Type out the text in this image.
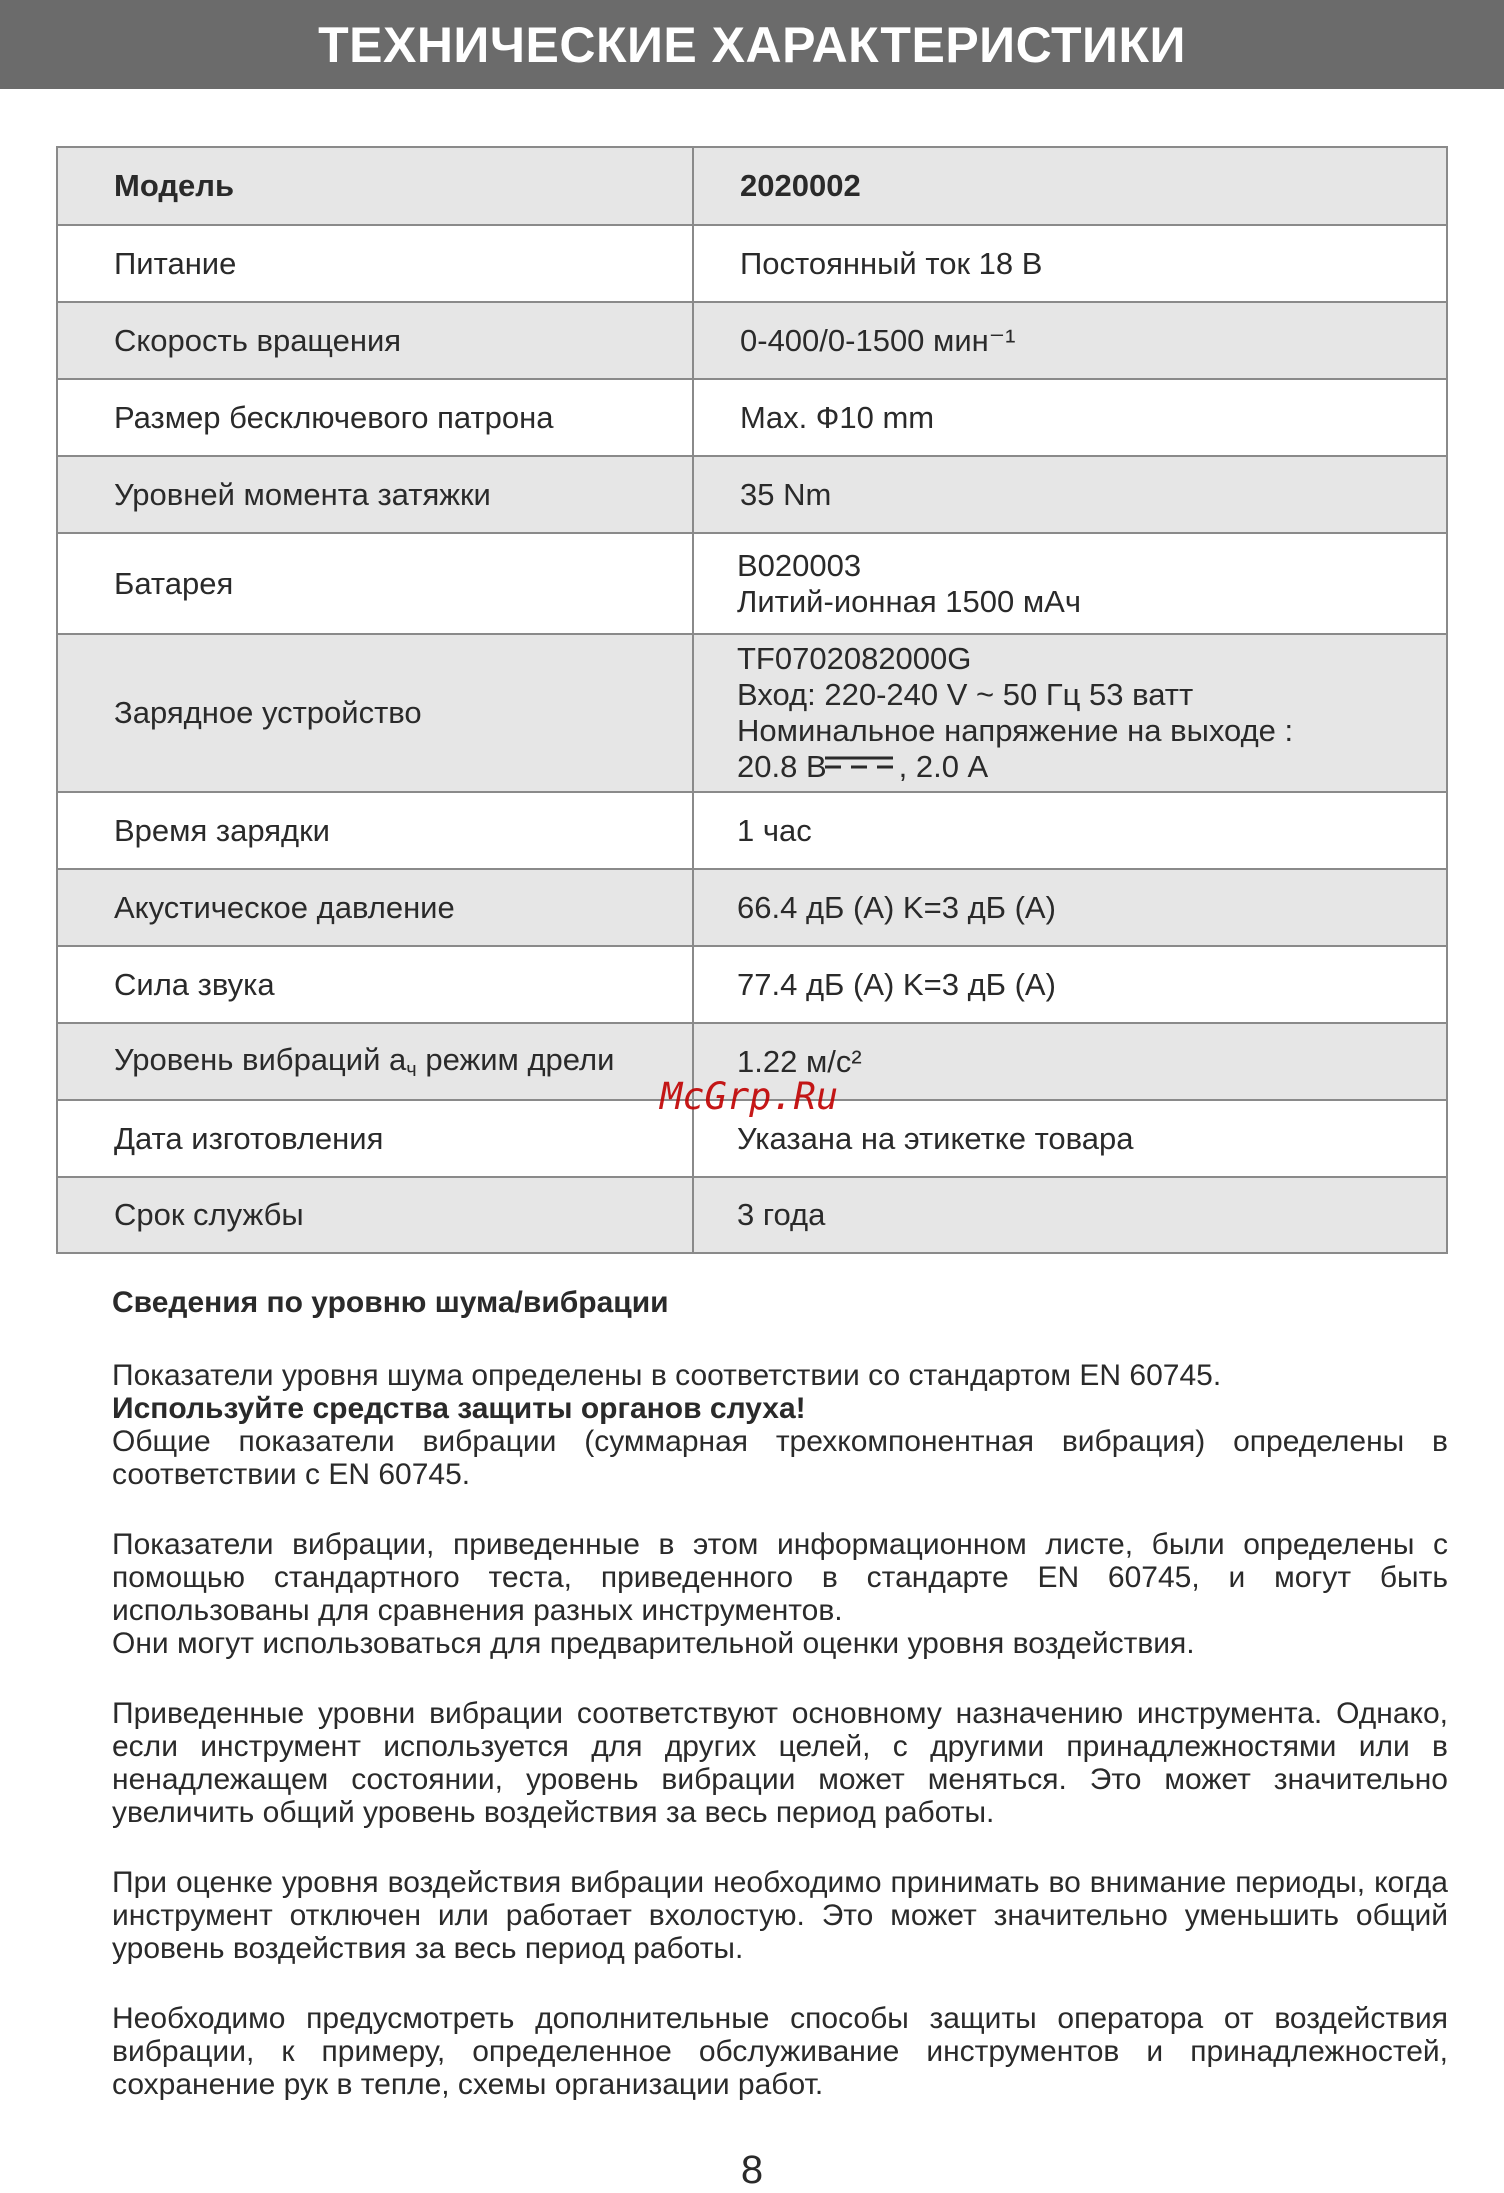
ТЕХНИЧЕСКИЕ ХАРАКТЕРИСТИКИ
Модель	2020002

Питание	Постоянный ток 18 В

Скорость вращения	0-400/0-1500 мин⁻¹

Размер бесключевого патрона	Max. Ф10 mm

Уровней момента затяжки	35 Nm

Батарея	B020003
Литий-ионная 1500 мАч

Зарядное устройство	TF0702082000G
Вход: 220-240 V ~ 50 Гц 53 ватт
Номинальное напряжение на выходе :
20.8 В , 2.0 А

Время зарядки	1 час

Акустическое давление	66.4 дБ (А) K=3 дБ (А)

Сила звука	77.4 дБ (А) K=3 дБ (А)

Уровень вибраций $a_ч$ режим дрели	1.22 м/с²

Дата изготовления	Указана на этикетке товара

Срок службы	3 года
McGrp.Ru
Сведения по уровню шума/вибрации

Показатели уровня шума определены в соответствии со стандартом EN 60745.
Используйте средства защиты органов слуха!
Общие показатели вибрации (суммарная трехкомпонентная вибрация) определены в соответствии с EN 60745.

Показатели вибрации, приведенные в этом информационном листе, были определены с помощью стандартного теста, приведенного в стандарте EN 60745, и могут быть использованы для сравнения разных инструментов.
Они могут использоваться для предварительной оценки уровня воздействия.

Приведенные уровни вибрации соответствуют основному назначению инструмента. Однако, если инструмент используется для других целей, с другими принадлежностями или в ненадлежащем состоянии, уровень вибрации может меняться. Это может значительно увеличить общий уровень воздействия за весь период работы.

При оценке уровня воздействия вибрации необходимо принимать во внимание периоды, когда инструмент отключен или работает вхолостую. Это может значительно уменьшить общий уровень воздействия за весь период работы.

Необходимо предусмотреть дополнительные способы защиты оператора от воздействия вибрации, к примеру, определенное обслуживание инструментов и принадлежностей, сохранение рук в тепле, схемы организации работ.

8
